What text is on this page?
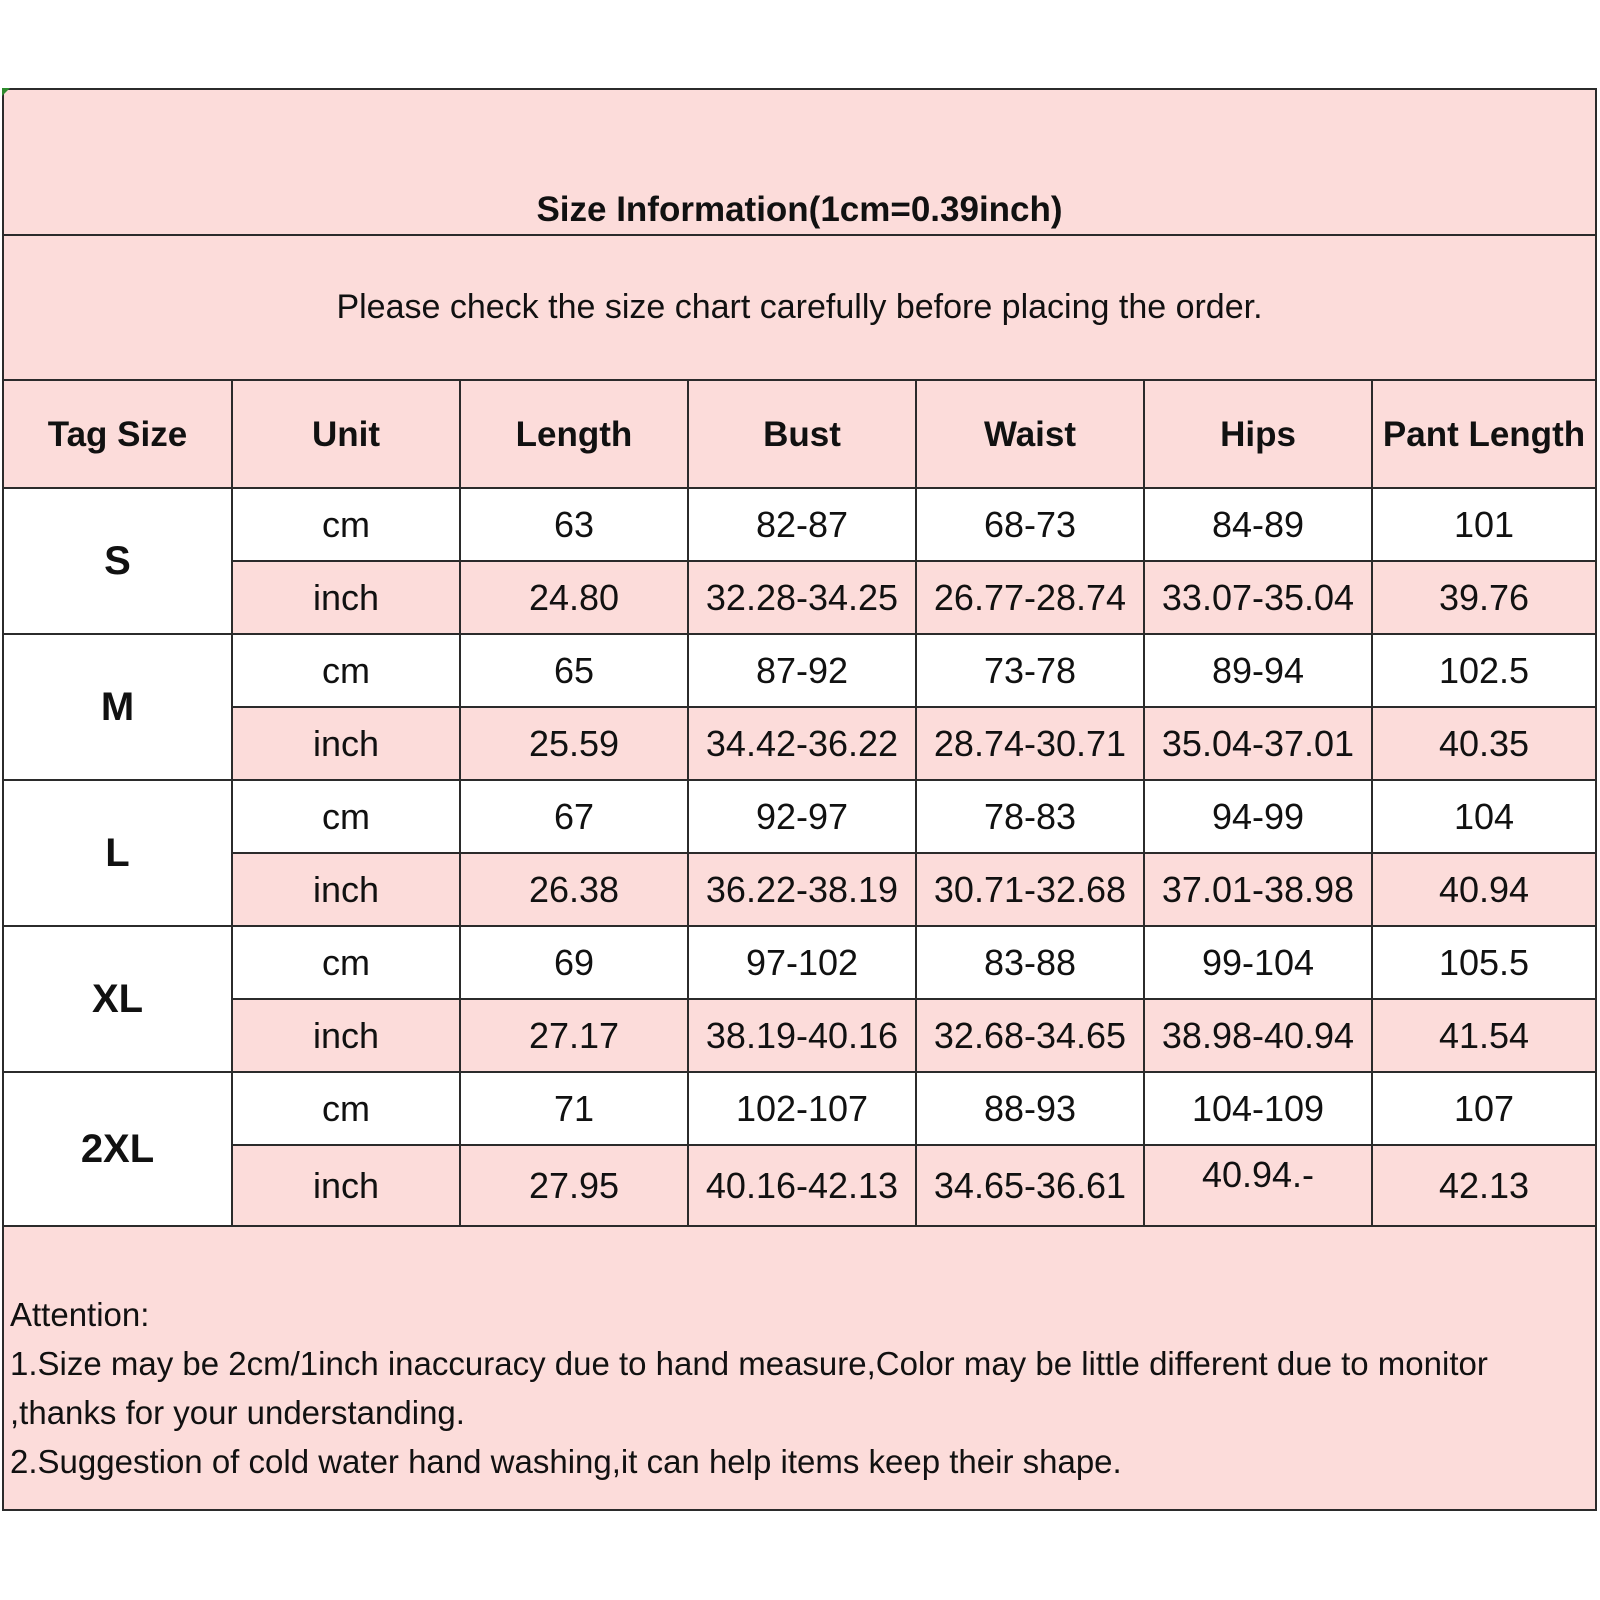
Size Information(1cm=0.39inch)
Please check the size chart carefully before placing the order.
Tag Size	Unit	Length	Bust	Waist	Hips	Pant Length
S	cm	63	82-87	68-73	84-89	101
	inch	24.80	32.28-34.25	26.77-28.74	33.07-35.04	39.76
M	cm	65	87-92	73-78	89-94	102.5
	inch	25.59	34.42-36.22	28.74-30.71	35.04-37.01	40.35
L	cm	67	92-97	78-83	94-99	104
	inch	26.38	36.22-38.19	30.71-32.68	37.01-38.98	40.94
XL	cm	69	97-102	83-88	99-104	105.5
	inch	27.17	38.19-40.16	32.68-34.65	38.98-40.94	41.54
2XL	cm	71	102-107	88-93	104-109	107
	inch	27.95	40.16-42.13	34.65-36.61	40.94.-	42.13
Attention:
1.Size may be 2cm/1inch inaccuracy due to hand measure,Color may be little different due to monitor ,thanks for your understanding.
2.Suggestion of cold water hand washing,it can help items keep their shape.
